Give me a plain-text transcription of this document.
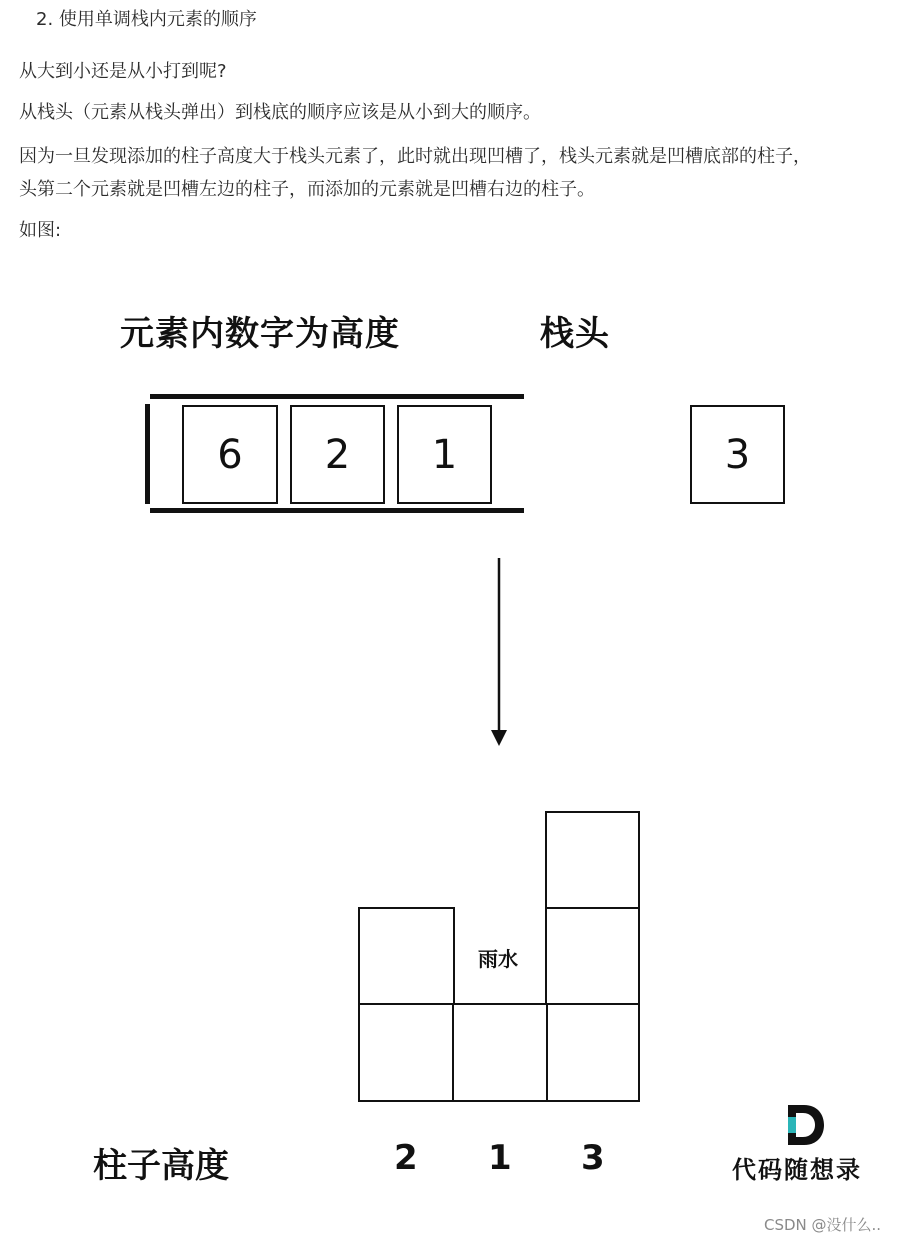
2. 使用单调栈内元素的顺序
从大到小还是从小打到呢?
从栈头（元素从栈头弹出）到栈底的顺序应该是从小到大的顺序。
因为一旦发现添加的柱子高度大于栈头元素了，此时就出现凹槽了，栈头元素就是凹槽底部的柱子，
头第二个元素就是凹槽左边的柱子，而添加的元素就是凹槽右边的柱子。
如图:
元素内数字为高度	栈头
6	2	1	3
雨水
柱子高度	2 1 3	代码随想录
CSDN @没什么..
